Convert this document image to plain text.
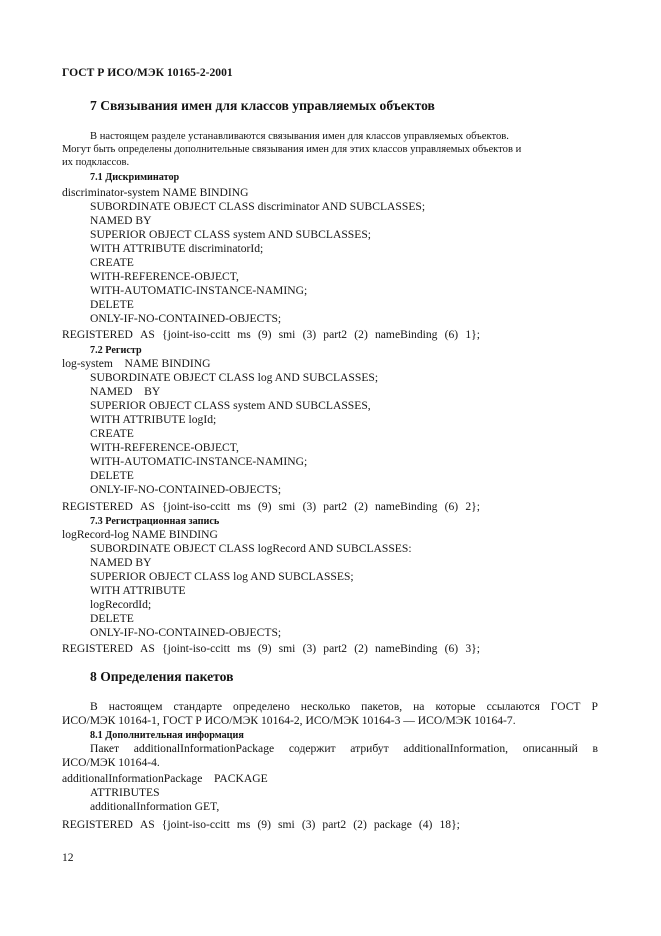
ГОСТ Р ИСО/МЭК 10165-2-2001
7 Связывания имен для классов управляемых объектов
В настоящем разделе устанавливаются связывания имен для классов управляемых объектов.
Могут быть определены дополнительные связывания имен для этих классов управляемых объектов и
их подклассов.
7.1 Дискриминатор
discriminator-system NAME BINDING
SUBORDINATE OBJECT CLASS discriminator AND SUBCLASSES;
NAMED BY
SUPERIOR OBJECT CLASS system AND SUBCLASSES;
WITH ATTRIBUTE discriminatorId;
CREATE
WITH-REFERENCE-OBJECT,
WITH-AUTOMATIC-INSTANCE-NAMING;
DELETE
ONLY-IF-NO-CONTAINED-OBJECTS;
REGISTERED AS {joint-iso-ccitt ms (9) smi (3) part2 (2) nameBinding (6) 1};
7.2 Регистр
log-system    NAME BINDING
SUBORDINATE OBJECT CLASS log AND SUBCLASSES;
NAMED    BY
SUPERIOR OBJECT CLASS system AND SUBCLASSES,
WITH ATTRIBUTE logId;
CREATE
WITH-REFERENCE-OBJECT,
WITH-AUTOMATIC-INSTANCE-NAMING;
DELETE
ONLY-IF-NO-CONTAINED-OBJECTS;
REGISTERED AS {joint-iso-ccitt ms (9) smi (3) part2 (2) nameBinding (6) 2};
7.3 Регистрационная запись
logRecord-log NAME BINDING
SUBORDINATE OBJECT CLASS logRecord AND SUBCLASSES:
NAMED BY
SUPERIOR OBJECT CLASS log AND SUBCLASSES;
WITH ATTRIBUTE
logRecordId;
DELETE
ONLY-IF-NO-CONTAINED-OBJECTS;
REGISTERED AS {joint-iso-ccitt ms (9) smi (3) part2 (2) nameBinding (6) 3};
8 Определения пакетов
В настоящем стандарте определено несколько пакетов, на которые ссылаются ГОСТ Р
ИСО/МЭК 10164-1, ГОСТ Р ИСО/МЭК 10164-2, ИСО/МЭК 10164-3 — ИСО/МЭК 10164-7.
8.1 Дополнительная информация
Пакет additionalInformationPackage содержит атрибут additionalInformation, описанный в
ИСО/МЭК 10164-4.
additionalInformationPackage    PACKAGE
ATTRIBUTES
additionalInformation GET,
REGISTERED AS {joint-iso-ccitt ms (9) smi (3) part2 (2) package (4) 18};
12
